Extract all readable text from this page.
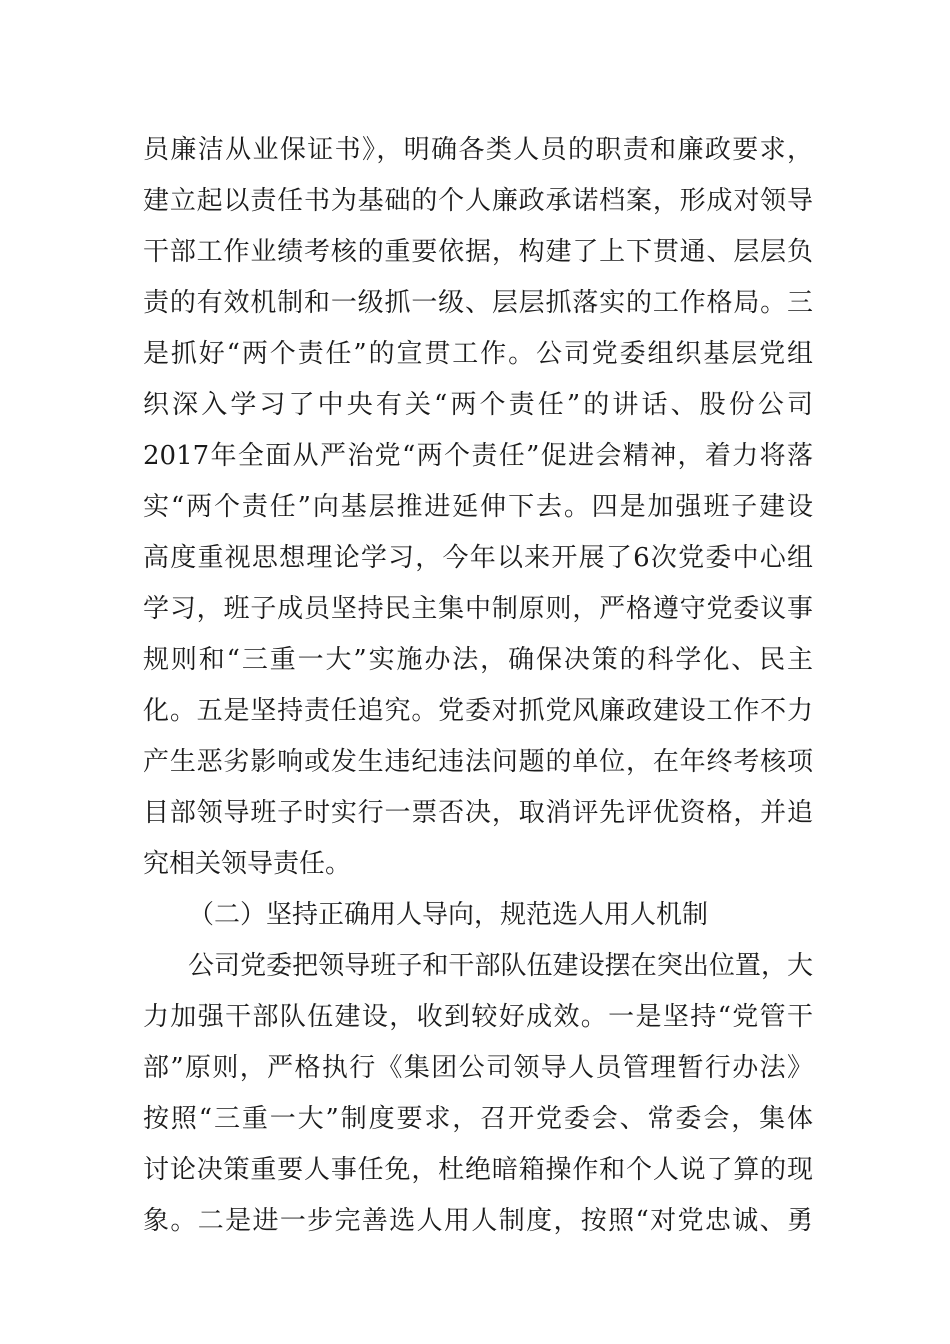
员廉洁从业保证书》，明确各类人员的职责和廉政要求，
建立起以责任书为基础的个人廉政承诺档案，形成对领导
干部工作业绩考核的重要依据，构建了上下贯通、层层负
责的有效机制和一级抓一级、层层抓落实的工作格局。三
是抓好“两个责任”的宣贯工作。公司党委组织基层党组
织深入学习了中央有关“两个责任”的讲话、股份公司
2017年全面从严治党“两个责任”促进会精神，着力将落
实“两个责任”向基层推进延伸下去。四是加强班子建设
高度重视思想理论学习，今年以来开展了6次党委中心组
学习，班子成员坚持民主集中制原则，严格遵守党委议事
规则和“三重一大”实施办法，确保决策的科学化、民主
化。五是坚持责任追究。党委对抓党风廉政建设工作不力
产生恶劣影响或发生违纪违法问题的单位，在年终考核项
目部领导班子时实行一票否决，取消评先评优资格，并追
究相关领导责任。
（二）坚持正确用人导向，规范选人用人机制
公司党委把领导班子和干部队伍建设摆在突出位置，大
力加强干部队伍建设，收到较好成效。一是坚持“党管干
部”原则，严格执行《集团公司领导人员管理暂行办法》
按照“三重一大”制度要求，召开党委会、常委会，集体
讨论决策重要人事任免，杜绝暗箱操作和个人说了算的现
象。二是进一步完善选人用人制度，按照“对党忠诚、勇
